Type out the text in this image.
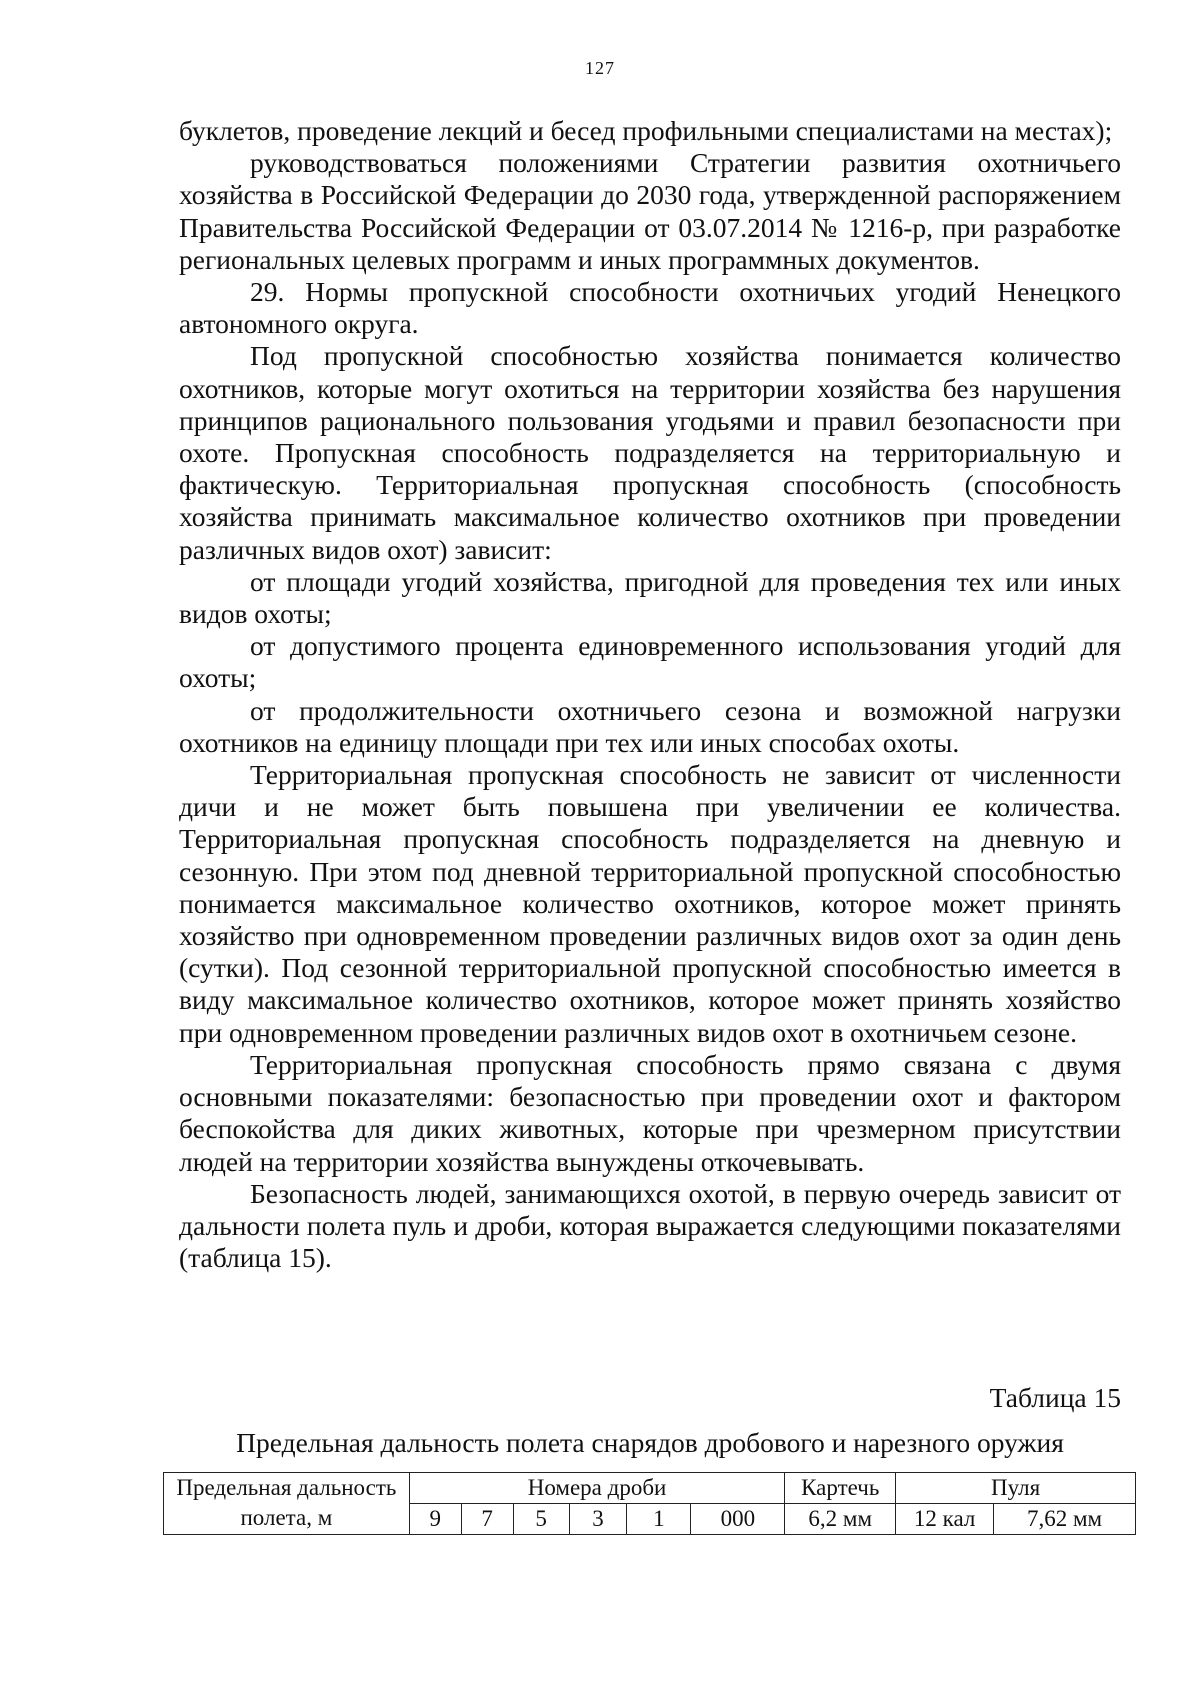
127

буклетов, проведение лекций и бесед профильными специалистами на местах);

руководствоваться положениями Стратегии развития охотничьего хозяйства в Российской Федерации до 2030 года, утвержденной распоряжением Правительства Российской Федерации от 03.07.2014 № 1216-р, при разработке региональных целевых программ и иных программных документов.

29. Нормы пропускной способности охотничьих угодий Ненецкого автономного округа.

Под пропускной способностью хозяйства понимается количество охотников, которые могут охотиться на территории хозяйства без нарушения принципов рационального пользования угодьями и правил безопасности при охоте. Пропускная способность подразделяется на территориальную и фактическую. Территориальная пропускная способность (способность хозяйства принимать максимальное количество охотников при проведении различных видов охот) зависит:

от площади угодий хозяйства, пригодной для проведения тех или иных видов охоты;

от допустимого процента единовременного использования угодий для охоты;

от продолжительности охотничьего сезона и возможной нагрузки охотников на единицу площади при тех или иных способах охоты.

Территориальная пропускная способность не зависит от численности дичи и не может быть повышена при увеличении ее количества. Территориальная пропускная способность подразделяется на дневную и сезонную. При этом под дневной территориальной пропускной способностью понимается максимальное количество охотников, которое может принять хозяйство при одновременном проведении различных видов охот за один день (сутки). Под сезонной территориальной пропускной способностью имеется в виду максимальное количество охотников, которое может принять хозяйство при одновременном проведении различных видов охот в охотничьем сезоне.

Территориальная пропускная способность прямо связана с двумя основными показателями: безопасностью при проведении охот и фактором беспокойства для диких животных, которые при чрезмерном присутствии людей на территории хозяйства вынуждены откочевывать.

Безопасность людей, занимающихся охотой, в первую очередь зависит от дальности полета пуль и дроби, которая выражается следующими показателями (таблица 15).

Таблица 15
Предельная дальность полета снарядов дробового и нарезного оружия
Предельная дальность полета, м	Номера дроби						Картечь	Пуля	
	9	7	5	3	1	000	6,2 мм	12 кал	7,62 мм
